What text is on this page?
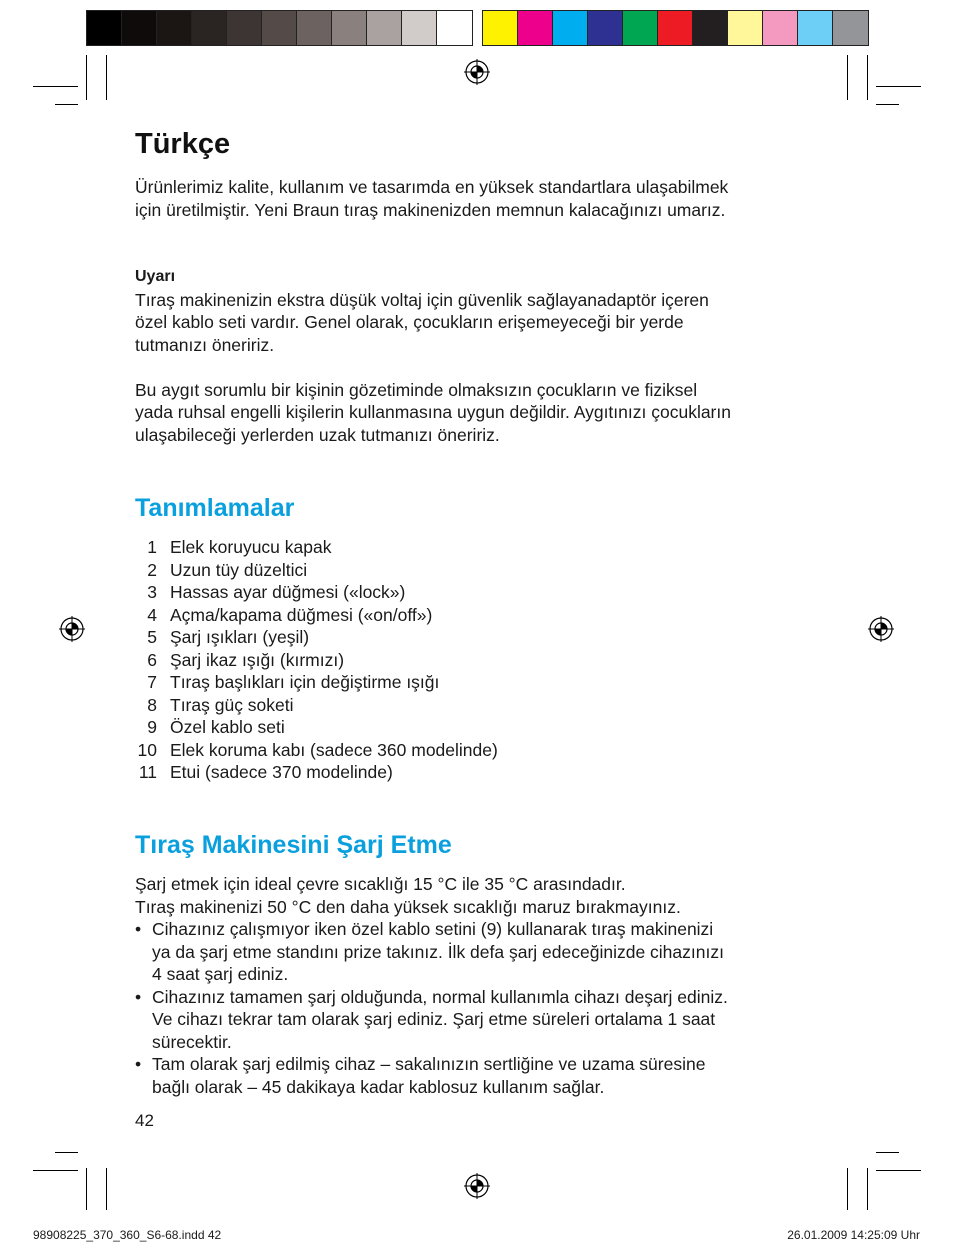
Türkçe

Ürünlerimiz kalite, kullanım ve tasarımda en yüksek standartlara ulaşabilmek

için üretilmiştir. Yeni Braun tıraş makinenizden memnun kalacağınızı umarız.

Uyarı

Tıraş makinenizin ekstra düşük voltaj için güvenlik sağlayanadaptör içeren

özel kablo seti vardır. Genel olarak, çocukların erişemeyeceği bir yerde

tutmanızı öneririz.

Bu aygıt sorumlu bir kişinin gözetiminde olmaksızın çocukların ve fiziksel

yada ruhsal engelli kişilerin kullanmasına uygun değildir. Aygıtınızı çocukların

ulaşabileceği yerlerden uzak tutmanızı öneririz.

Tanımlamalar
1 Elek koruyucu kapak
2 Uzun tüy düzeltici
3 Hassas ayar düğmesi («lock»)
4 Açma/kapama düğmesi («on/off»)
5 Şarj ışıkları (yeşil)
6 Şarj ikaz ışığı (kırmızı)
7 Tıraş başlıkları için değiştirme ışığı
8 Tıraş güç soketi
9 Özel kablo seti
10 Elek koruma kabı (sadece 360 modelinde)
11 Etui (sadece 370 modelinde)
Tıraş Makinesini Şarj Etme

Şarj etmek için ideal çevre sıcaklığı 15 °C ile 35 °C arasındadır.

Tıraş makinenizi 50 °C den daha yüksek sıcaklığı maruz bırakmayınız.

• Cihazınız çalışmıyor iken özel kablo setini (9) kullanarak tıraş makinenizi
ya da şarj etme standını prize takınız. İlk defa şarj edeceğinizde cihazınızı
4 saat şarj ediniz.
• Cihazınız tamamen şarj olduğunda, normal kullanımla cihazı deşarj ediniz.
Ve cihazı tekrar tam olarak şarj ediniz. Şarj etme süreleri ortalama 1 saat
sürecektir.
• Tam olarak şarj edilmiş cihaz – sakalınızın sertliğine ve uzama süresine
bağlı olarak – 45 dakikaya kadar kablosuz kullanım sağlar.
42
98908225_370_360_S6-68.indd 42	26.01.2009 14:25:09 Uhr
